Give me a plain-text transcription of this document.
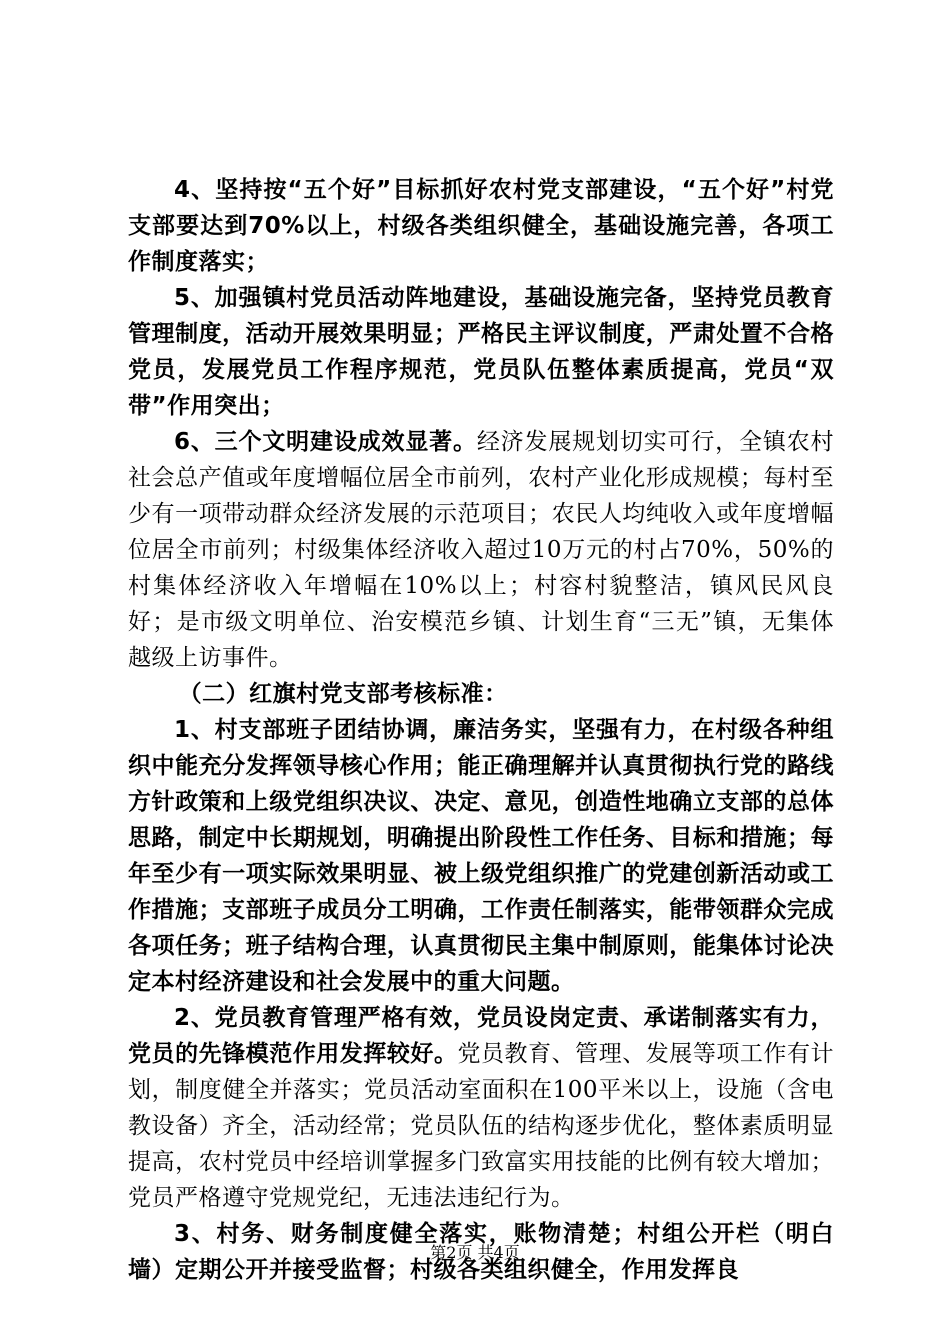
4、坚持按“五个好”目标抓好农村党支部建设，“五个好”村党支部要达到70%以上，村级各类组织健全，基础设施完善，各项工作制度落实；

5、加强镇村党员活动阵地建设，基础设施完备，坚持党员教育管理制度，活动开展效果明显；严格民主评议制度，严肃处置不合格党员，发展党员工作程序规范，党员队伍整体素质提高，党员“双带”作用突出；

6、三个文明建设成效显著。经济发展规划切实可行，全镇农村社会总产值或年度增幅位居全市前列，农村产业化形成规模；每村至少有一项带动群众经济发展的示范项目；农民人均纯收入或年度增幅位居全市前列；村级集体经济收入超过10万元的村占70%，50%的村集体经济收入年增幅在10%以上；村容村貌整洁，镇风民风良好；是市级文明单位、治安模范乡镇、计划生育“三无”镇，无集体越级上访事件。

（二）红旗村党支部考核标准：

1、村支部班子团结协调，廉洁务实，坚强有力，在村级各种组织中能充分发挥领导核心作用；能正确理解并认真贯彻执行党的路线方针政策和上级党组织决议、决定、意见，创造性地确立支部的总体思路，制定中长期规划，明确提出阶段性工作任务、目标和措施；每年至少有一项实际效果明显、被上级党组织推广的党建创新活动或工作措施；支部班子成员分工明确，工作责任制落实，能带领群众完成各项任务；班子结构合理，认真贯彻民主集中制原则，能集体讨论决定本村经济建设和社会发展中的重大问题。

2、党员教育管理严格有效，党员设岗定责、承诺制落实有力，党员的先锋模范作用发挥较好。党员教育、管理、发展等项工作有计划，制度健全并落实；党员活动室面积在100平米以上，设施（含电教设备）齐全，活动经常；党员队伍的结构逐步优化，整体素质明显提高，农村党员中经培训掌握多门致富实用技能的比例有较大增加；党员严格遵守党规党纪，无违法违纪行为。

3、村务、财务制度健全落实，账物清楚；村组公开栏（明白墙）定期公开并接受监督；村级各类组织健全，作用发挥良

第2页 共4页
